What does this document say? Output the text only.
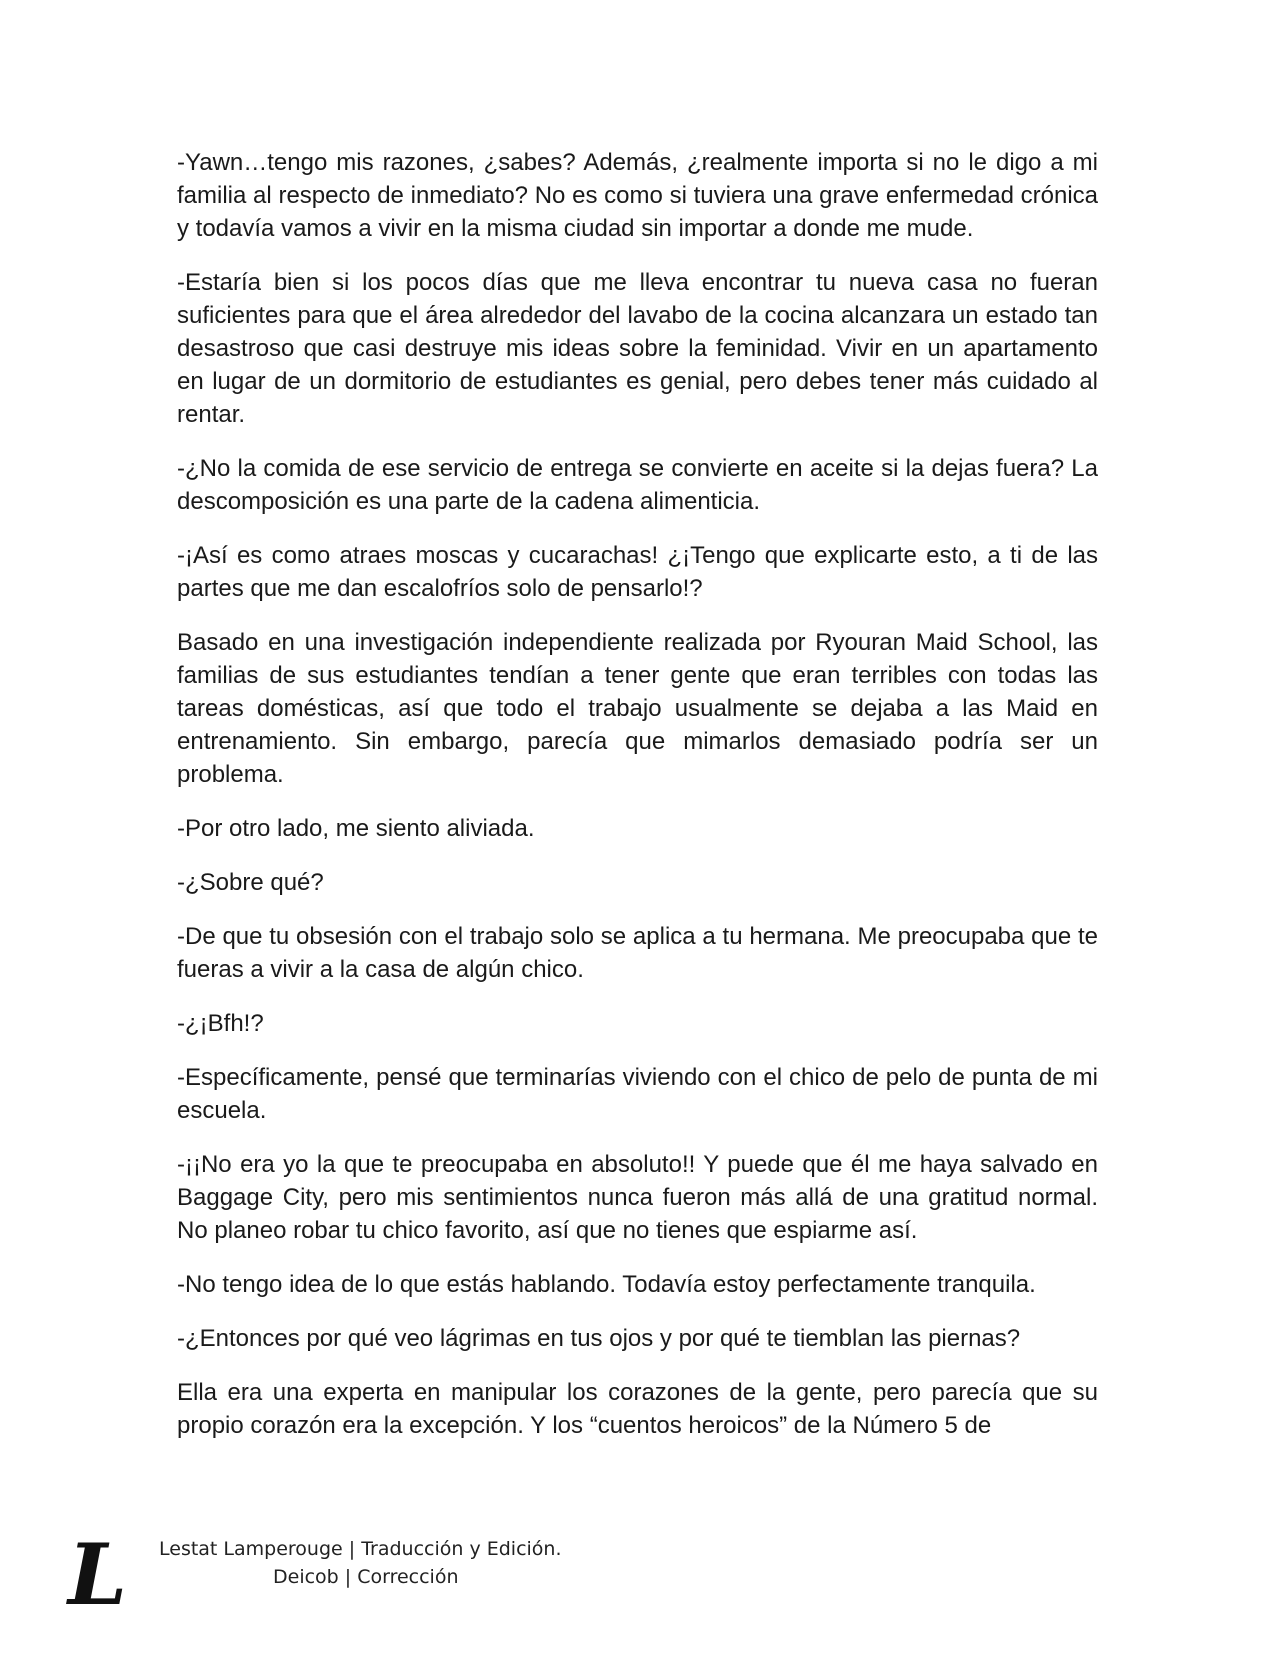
-Yawn…tengo mis razones, ¿sabes? Además, ¿realmente importa si no le digo a mi familia al respecto de inmediato? No es como si tuviera una grave enfermedad crónica y todavía vamos a vivir en la misma ciudad sin importar a donde me mude.

-Estaría bien si los pocos días que me lleva encontrar tu nueva casa no fueran suficientes para que el área alrededor del lavabo de la cocina alcanzara un estado tan desastroso que casi destruye mis ideas sobre la feminidad. Vivir en un apartamento en lugar de un dormitorio de estudiantes es genial, pero debes tener más cuidado al rentar.

-¿No la comida de ese servicio de entrega se convierte en aceite si la dejas fuera? La descomposición es una parte de la cadena alimenticia.

-¡Así es como atraes moscas y cucarachas! ¿¡Tengo que explicarte esto, a ti de las partes que me dan escalofríos solo de pensarlo!?

Basado en una investigación independiente realizada por Ryouran Maid School, las familias de sus estudiantes tendían a tener gente que eran terribles con todas las tareas domésticas, así que todo el trabajo usualmente se dejaba a las Maid en entrenamiento. Sin embargo, parecía que mimarlos demasiado podría ser un problema.

-Por otro lado, me siento aliviada.

-¿Sobre qué?

-De que tu obsesión con el trabajo solo se aplica a tu hermana. Me preocupaba que te fueras a vivir a la casa de algún chico.

-¿¡Bfh!?

-Específicamente, pensé que terminarías viviendo con el chico de pelo de punta de mi escuela.

-¡¡No era yo la que te preocupaba en absoluto!! Y puede que él me haya salvado en Baggage City, pero mis sentimientos nunca fueron más allá de una gratitud normal. No planeo robar tu chico favorito, así que no tienes que espiarme así.

-No tengo idea de lo que estás hablando. Todavía estoy perfectamente tranquila.

-¿Entonces por qué veo lágrimas en tus ojos y por qué te tiemblan las piernas?

Ella era una experta en manipular los corazones de la gente, pero parecía que su propio corazón era la excepción. Y los “cuentos heroicos” de la Número 5 de

L Lestat Lamperouge | Traducción y Edición.
Deicob | Corrección
